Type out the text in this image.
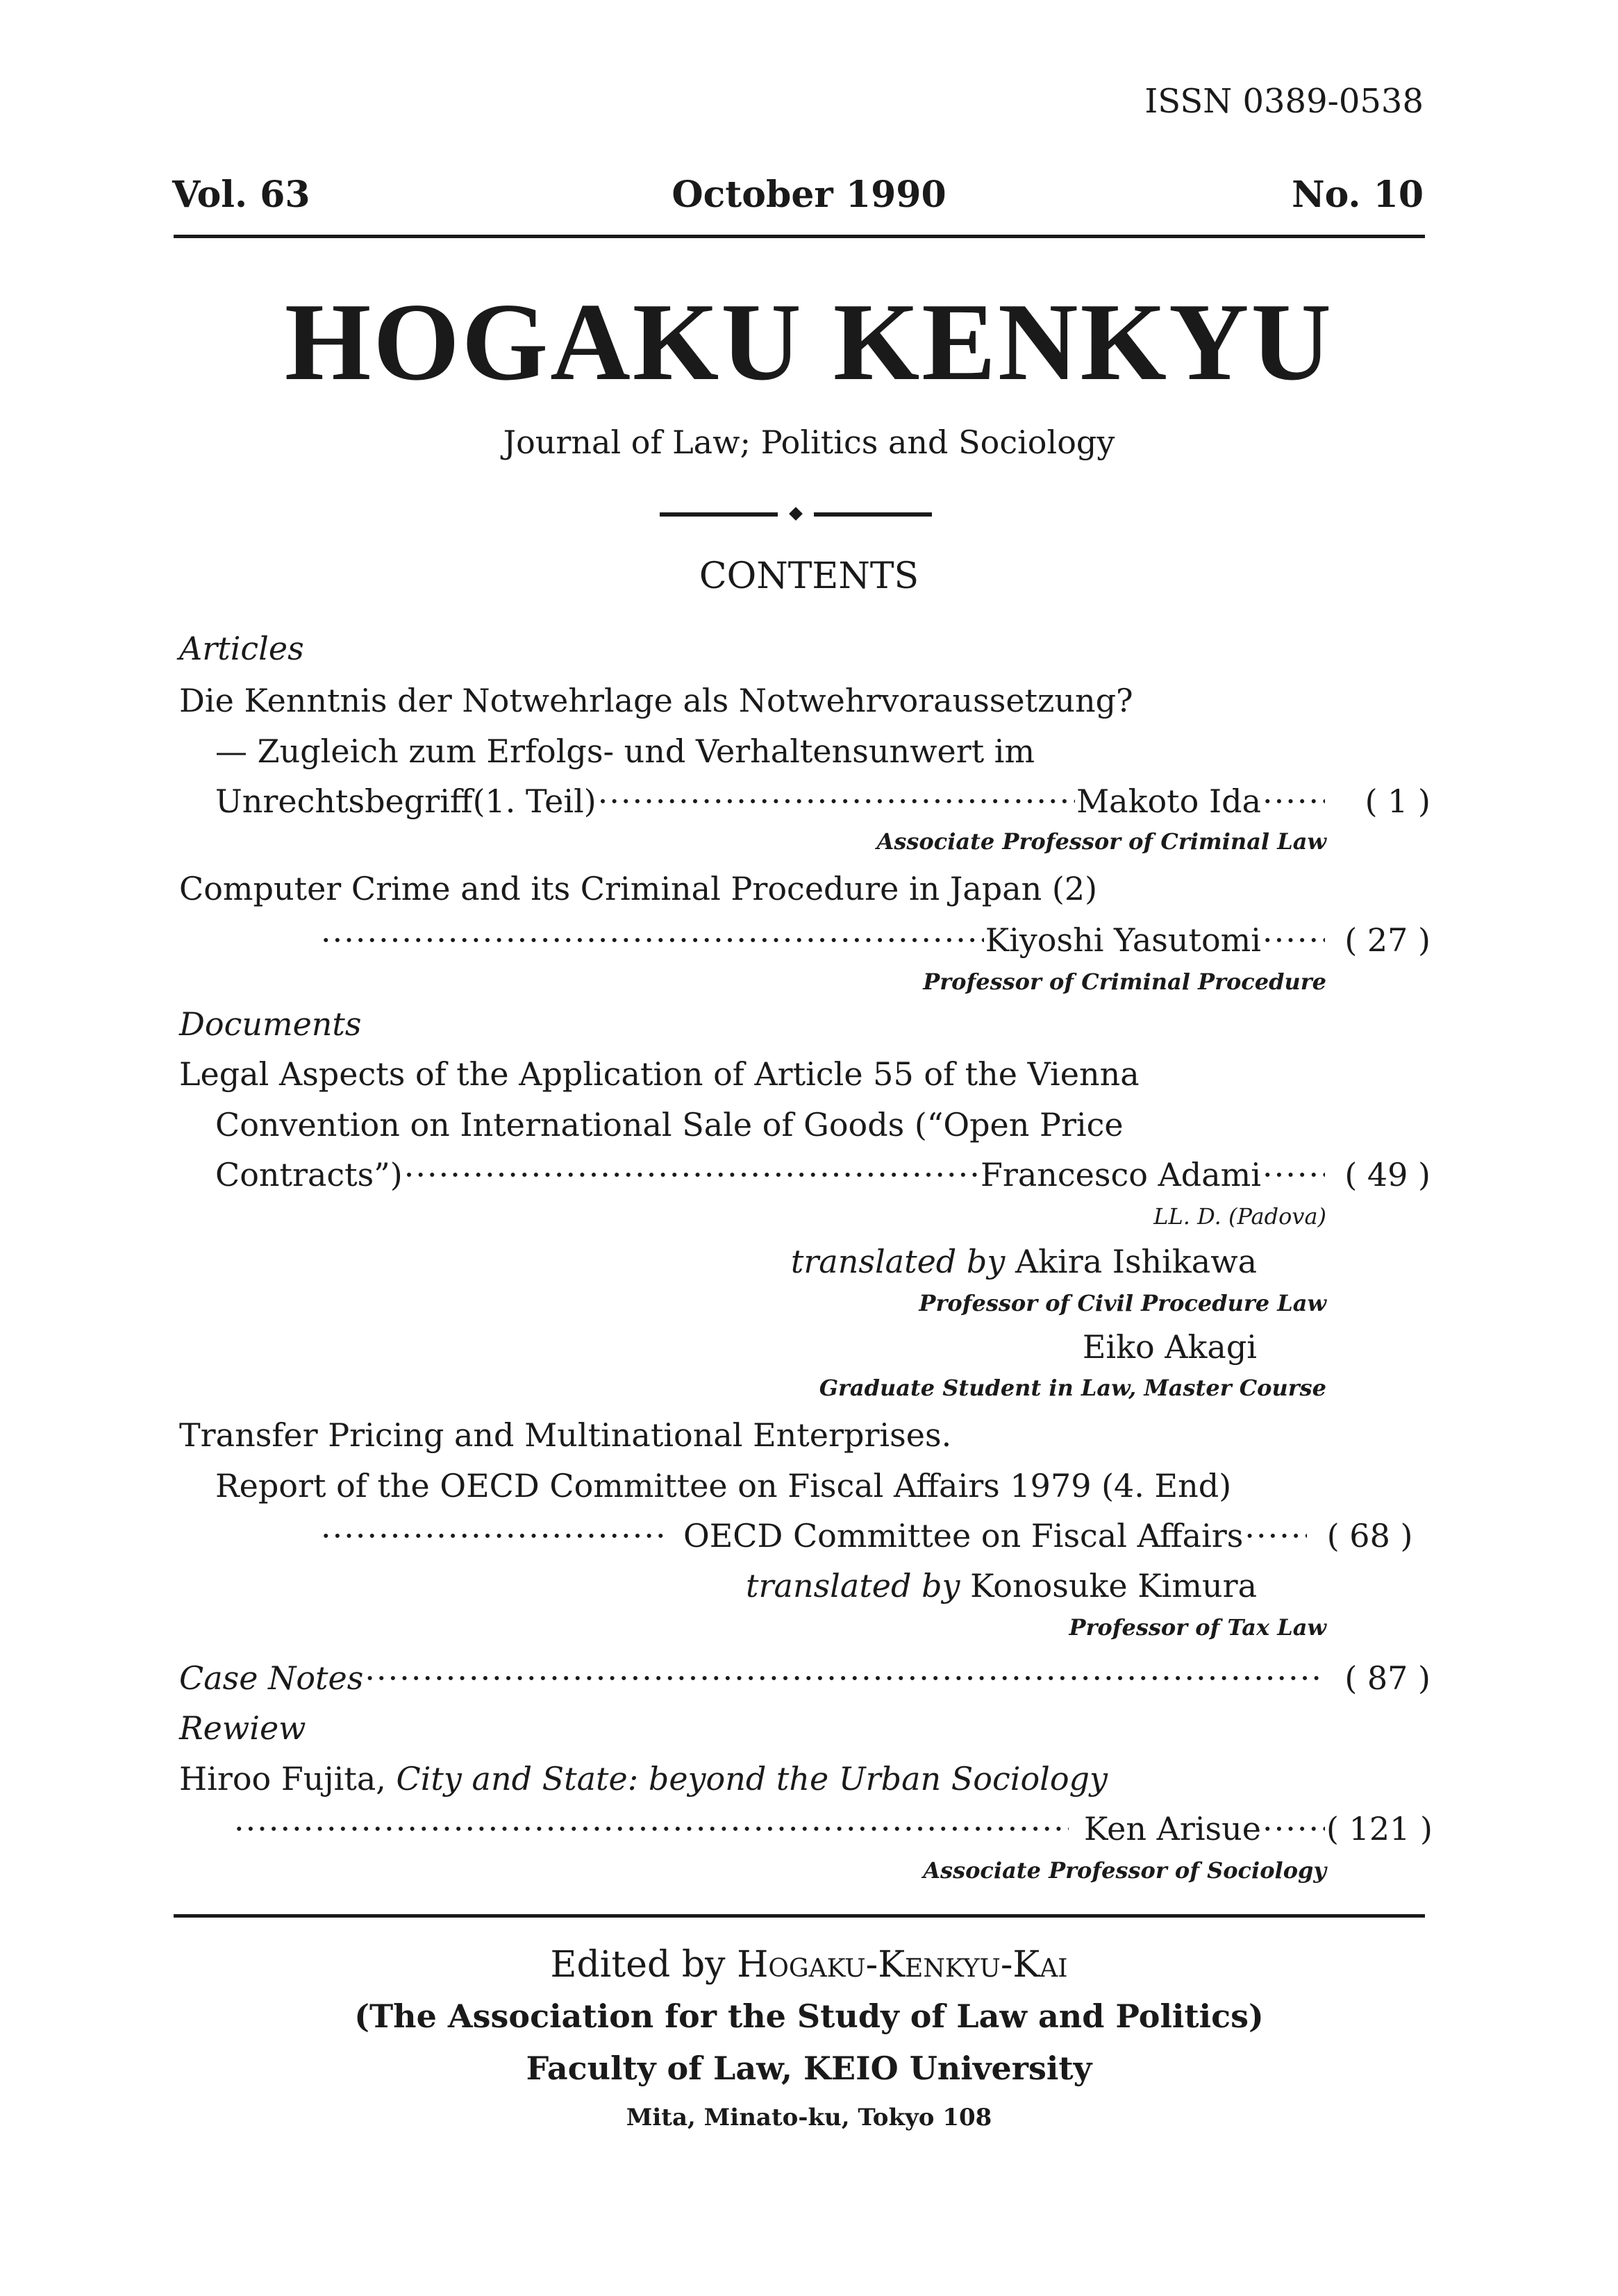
ISSN 0389-0538
Vol. 63	October 1990	No. 10
HOGAKU KENKYU
Journal of Law; Politics and Sociology
CONTENTS
Articles
Die Kenntnis der Notwehrlage als Notwehrvoraussetzung?
— Zugleich zum Erfolgs- und Verhaltensunwert im
Unrechtsbegriff(1. Teil) ·····	Makoto Ida ·····	( 1 )
Associate Professor of Criminal Law
Computer Crime and its Criminal Procedure in Japan (2)
·····
Kiyoshi Yasutomi ·····	( 27 )
Professor of Criminal Procedure
Documents
Legal Aspects of the Application of Article 55 of the Vienna
Convention on International Sale of Goods (“Open Price
Contracts”) ·····	Francesco Adami ·····	( 49 )
LL. D. (Padova)
translated by Akira Ishikawa
Professor of Civil Procedure Law
Eiko Akagi
Graduate Student in Law, Master Course
Transfer Pricing and Multinational Enterprises.
Report of the OECD Committee on Fiscal Affairs 1979 (4. End)
·····
OECD Committee on Fiscal Affairs ·····	( 68 )
translated by Konosuke Kimura
Professor of Tax Law
Case Notes ·····	( 87 )
Rewiew
Hiroo Fujita, City and State: beyond the Urban Sociology
·····
Ken Arisue ····· ( 121 )
Associate Professor of Sociology
Edited by Hogaku-Kenkyu-Kai
(The Association for the Study of Law and Politics)
Faculty of Law, KEIO University
Mita, Minato-ku, Tokyo 108
